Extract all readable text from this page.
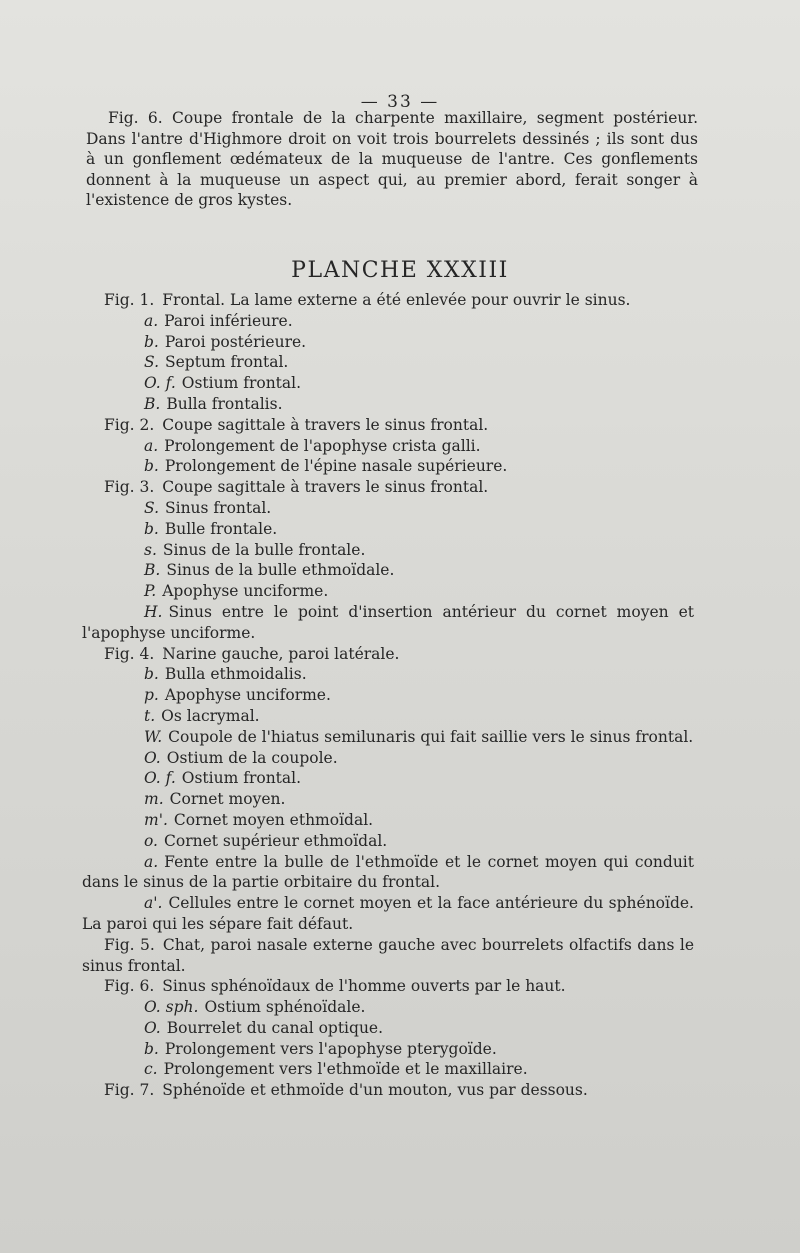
— 33 —

Fig. 6. Coupe frontale de la charpente maxillaire, segment postérieur. Dans l'antre d'Highmore droit on voit trois bourrelets dessinés ; ils sont dus à un gonflement œdémateux de la muqueuse de l'antre. Ces gonflements donnent à la muqueuse un aspect qui, au premier abord, ferait songer à l'existence de gros kystes.

PLANCHE XXXIII

Fig. 1. Frontal. La lame externe a été enlevée pour ouvrir le sinus.

a. Paroi inférieure.

b. Paroi postérieure.

S. Septum frontal.

O. f. Ostium frontal.

B. Bulla frontalis.

Fig. 2. Coupe sagittale à travers le sinus frontal.

a. Prolongement de l'apophyse crista galli.

b. Prolongement de l'épine nasale supérieure.

Fig. 3. Coupe sagittale à travers le sinus frontal.

S. Sinus frontal.

b. Bulle frontale.

s. Sinus de la bulle frontale.

B. Sinus de la bulle ethmoïdale.

P. Apophyse unciforme.

H. Sinus entre le point d'insertion antérieur du cornet moyen et l'apophyse unciforme.

Fig. 4. Narine gauche, paroi latérale.

b. Bulla ethmoidalis.

p. Apophyse unciforme.

t. Os lacrymal.

W. Coupole de l'hiatus semilunaris qui fait saillie vers le sinus frontal.

O. Ostium de la coupole.

O. f. Ostium frontal.

m. Cornet moyen.

m'. Cornet moyen ethmoïdal.

o. Cornet supérieur ethmoïdal.

a. Fente entre la bulle de l'ethmoïde et le cornet moyen qui conduit dans le sinus de la partie orbitaire du frontal.

a'. Cellules entre le cornet moyen et la face antérieure du sphénoïde. La paroi qui les sépare fait défaut.

Fig. 5. Chat, paroi nasale externe gauche avec bourrelets olfactifs dans le sinus frontal.

Fig. 6. Sinus sphénoïdaux de l'homme ouverts par le haut.

O. sph. Ostium sphénoïdale.

O. Bourrelet du canal optique.

b. Prolongement vers l'apophyse pterygoïde.

c. Prolongement vers l'ethmoïde et le maxillaire.

Fig. 7. Sphénoïde et ethmoïde d'un mouton, vus par dessous.
